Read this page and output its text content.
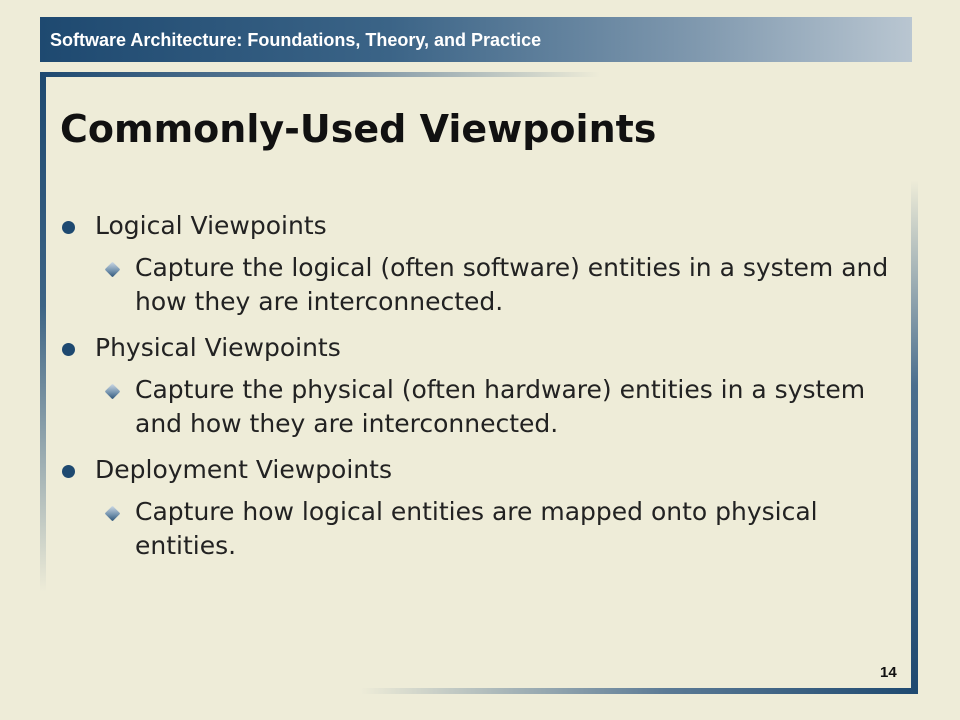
Software Architecture: Foundations, Theory, and Practice
Commonly-Used Viewpoints
Logical Viewpoints
Capture the logical (often software) entities in a system and how they are interconnected.
Physical Viewpoints
Capture the physical (often hardware) entities in a system and how they are interconnected.
Deployment Viewpoints
Capture how logical entities are mapped onto physical entities.
14
